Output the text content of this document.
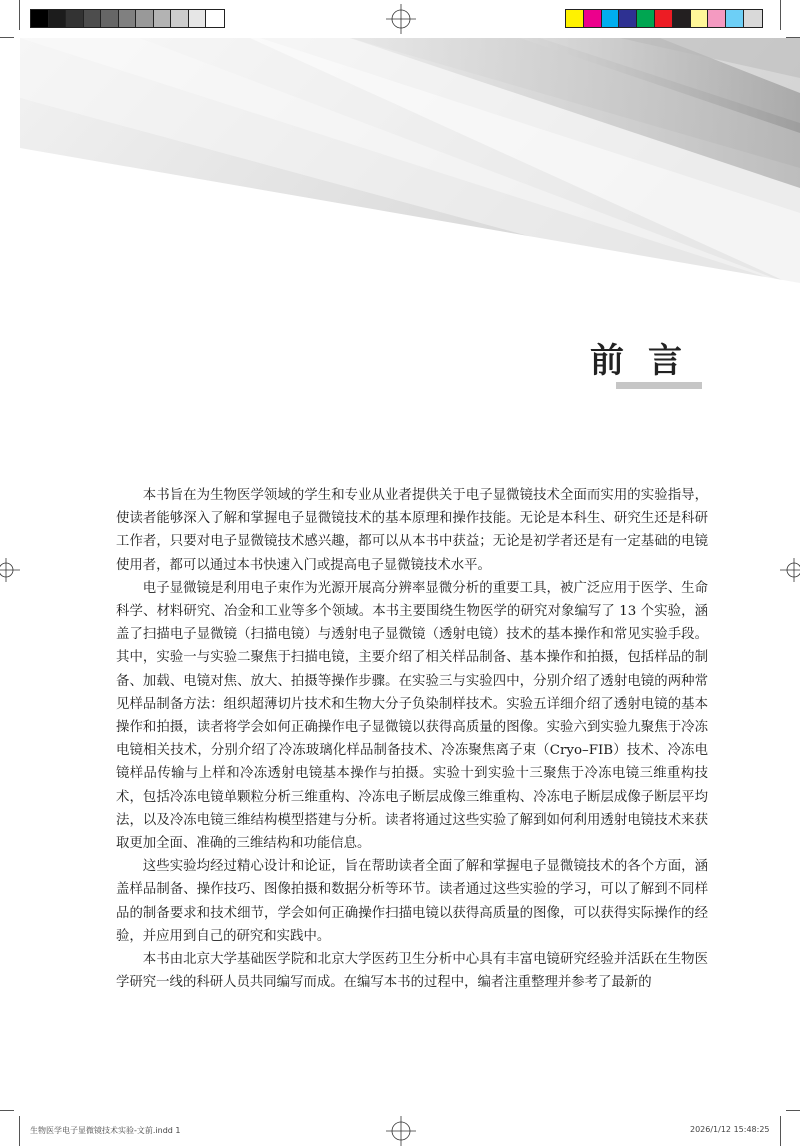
前言

本书旨在为生物医学领域的学生和专业从业者提供关于电子显微镜技术全面而实用的实验指导，使读者能够深入了解和掌握电子显微镜技术的基本原理和操作技能。无论是本科生、研究生还是科研工作者，只要对电子显微镜技术感兴趣，都可以从本书中获益；无论是初学者还是有一定基础的电镜使用者，都可以通过本书快速入门或提高电子显微镜技术水平。

电子显微镜是利用电子束作为光源开展高分辨率显微分析的重要工具，被广泛应用于医学、生命科学、材料研究、冶金和工业等多个领域。本书主要围绕生物医学的研究对象编写了 13 个实验，涵盖了扫描电子显微镜（扫描电镜）与透射电子显微镜（透射电镜）技术的基本操作和常见实验手段。其中，实验一与实验二聚焦于扫描电镜，主要介绍了相关样品制备、基本操作和拍摄，包括样品的制备、加载、电镜对焦、放大、拍摄等操作步骤。在实验三与实验四中，分别介绍了透射电镜的两种常见样品制备方法：组织超薄切片技术和生物大分子负染制样技术。实验五详细介绍了透射电镜的基本操作和拍摄，读者将学会如何正确操作电子显微镜以获得高质量的图像。实验六到实验九聚焦于冷冻电镜相关技术，分别介绍了冷冻玻璃化样品制备技术、冷冻聚焦离子束（Cryo–FIB）技术、冷冻电镜样品传输与上样和冷冻透射电镜基本操作与拍摄。实验十到实验十三聚焦于冷冻电镜三维重构技术，包括冷冻电镜单颗粒分析三维重构、冷冻电子断层成像三维重构、冷冻电子断层成像子断层平均法，以及冷冻电镜三维结构模型搭建与分析。读者将通过这些实验了解到如何利用透射电镜技术来获取更加全面、准确的三维结构和功能信息。

这些实验均经过精心设计和论证，旨在帮助读者全面了解和掌握电子显微镜技术的各个方面，涵盖样品制备、操作技巧、图像拍摄和数据分析等环节。读者通过这些实验的学习，可以了解到不同样品的制备要求和技术细节，学会如何正确操作扫描电镜以获得高质量的图像，可以获得实际操作的经验，并应用到自己的研究和实践中。

本书由北京大学基础医学院和北京大学医药卫生分析中心具有丰富电镜研究经验并活跃在生物医学研究一线的科研人员共同编写而成。在编写本书的过程中，编者注重整理并参考了最新的

生物医学电子显微镜技术实验-文前.indd 1	2026/1/12 15:48:25
